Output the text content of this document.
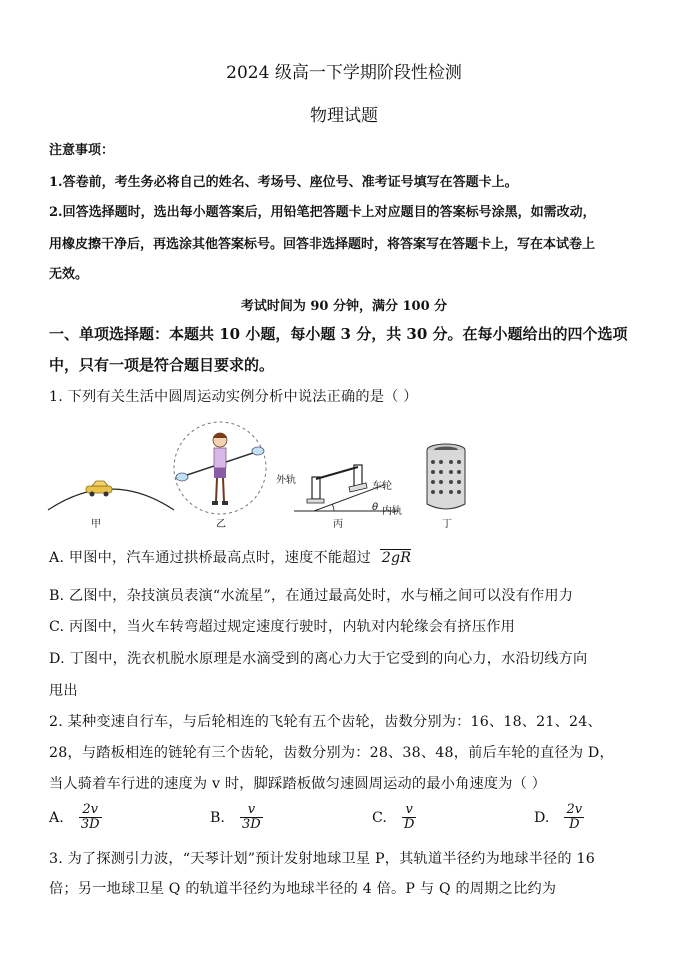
2024 级高一下学期阶段性检测
物理试题
注意事项：
1.答卷前，考生务必将自己的姓名、考场号、座位号、准考证号填写在答题卡上。
2.回答选择题时，选出每小题答案后，用铅笔把答题卡上对应题目的答案标号涂黑，如需改动，
用橡皮擦干净后，再选涂其他答案标号。回答非选择题时，将答案写在答题卡上，写在本试卷上
无效。
考试时间为 90 分钟，满分 100 分
一、单项选择题：本题共 10 小题，每小题 3 分，共 30 分。在每小题给出的四个选项
中，只有一项是符合题目要求的。
1. 下列有关生活中圆周运动实例分析中说法正确的是（ ）
甲	乙
外轨
车轮
θ 内轨
丙	丁
A. 甲图中，汽车通过拱桥最高点时，速度不能超过 2gR
B. 乙图中，杂技演员表演“水流星”，在通过最高处时，水与桶之间可以没有作用力
C. 丙图中，当火车转弯超过规定速度行驶时，内轨对内轮缘会有挤压作用
D. 丁图中，洗衣机脱水原理是水滴受到的离心力大于它受到的向心力，水沿切线方向
甩出
2. 某种变速自行车，与后轮相连的飞轮有五个齿轮，齿数分别为：16、18、21、24、
28，与踏板相连的链轮有三个齿轮，齿数分别为：28、38、48，前后车轮的直径为 D，
当人骑着车行进的速度为 v 时，脚踩踏板做匀速圆周运动的最小角速度为（ ）
A. $\frac{2v}{3D}$	B. $\frac{v}{3D}$	C. $\frac{v}{D}$	D. $\frac{2v}{D}$
3. 为了探测引力波，“天琴计划”预计发射地球卫星 P，其轨道半径约为地球半径的 16
倍；另一地球卫星 Q 的轨道半径约为地球半径的 4 倍。P 与 Q 的周期之比约为
